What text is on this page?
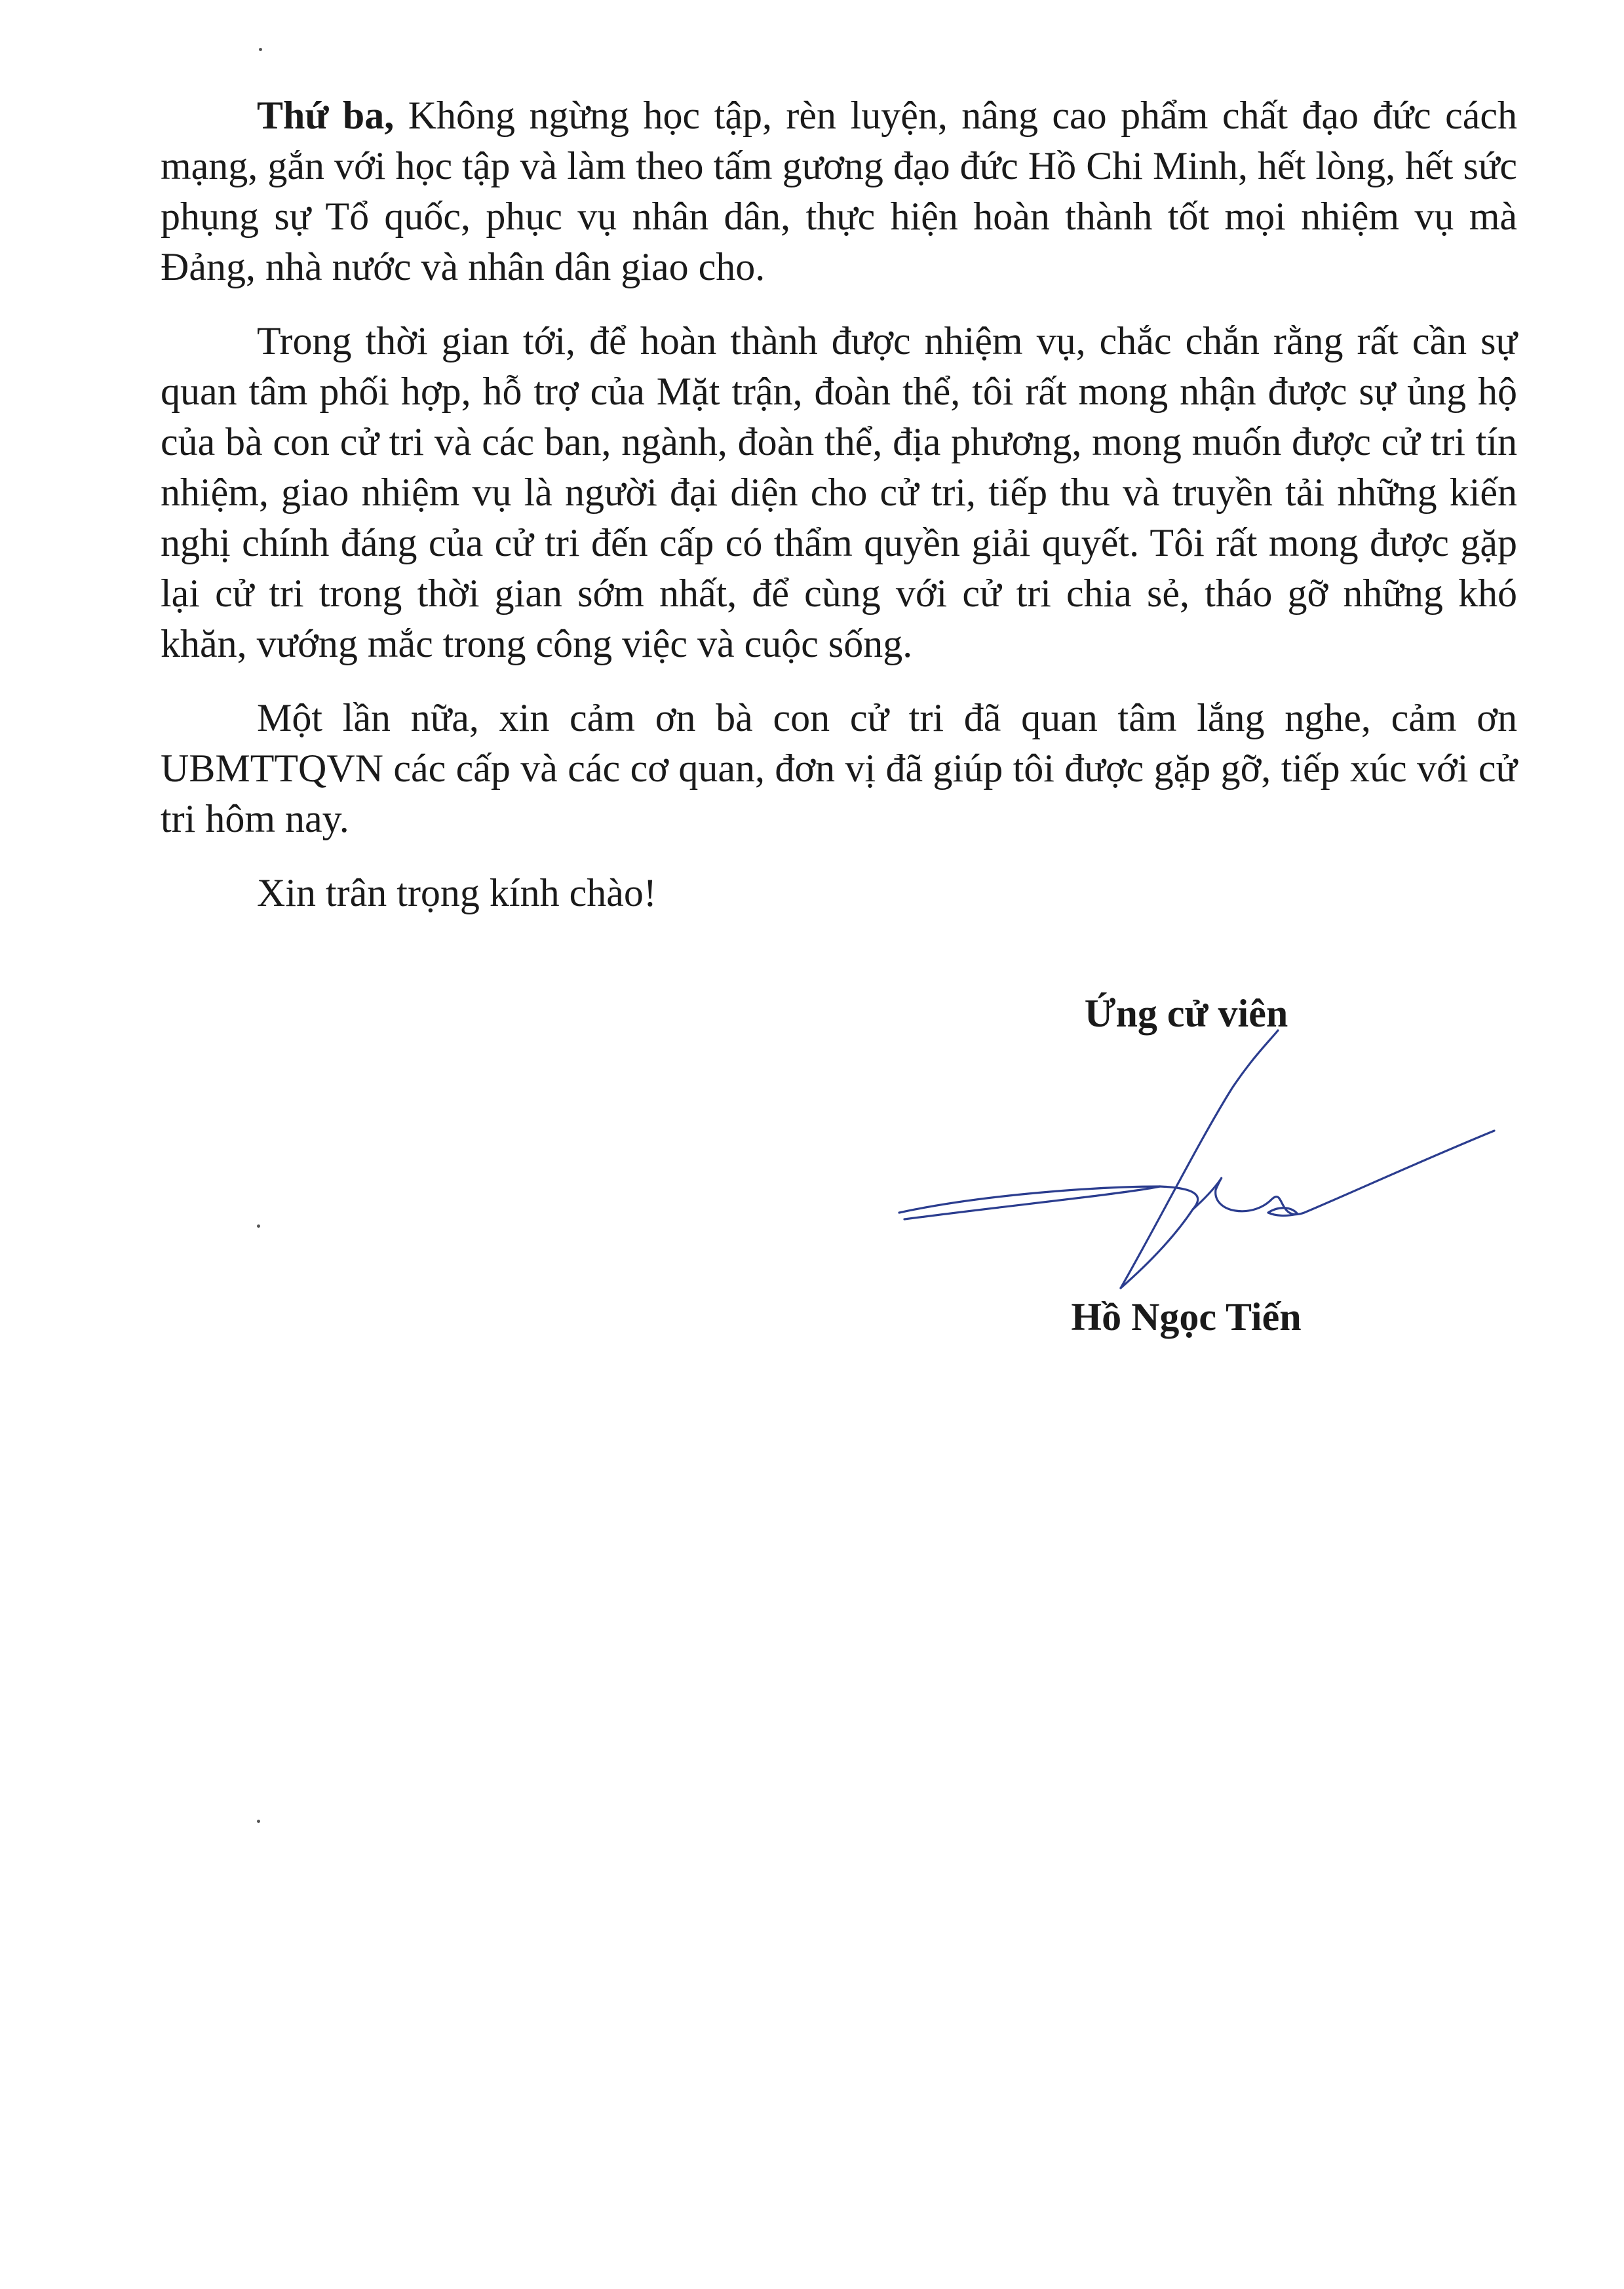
Thứ ba, Không ngừng học tập, rèn luyện, nâng cao phẩm chất đạo đức cách mạng, gắn với học tập và làm theo tấm gương đạo đức Hồ Chi Minh, hết lòng, hết sức phụng sự Tổ quốc, phục vụ nhân dân, thực hiện hoàn thành tốt mọi nhiệm vụ mà Đảng, nhà nước và nhân dân giao cho.

Trong thời gian tới, để hoàn thành được nhiệm vụ, chắc chắn rằng rất cần sự quan tâm phối hợp, hỗ trợ của Mặt trận, đoàn thể, tôi rất mong nhận được sự ủng hộ của bà con cử tri và các ban, ngành, đoàn thể, địa phương, mong muốn được cử tri tín nhiệm, giao nhiệm vụ là người đại diện cho cử tri, tiếp thu và truyền tải những kiến nghị chính đáng của cử tri đến cấp có thẩm quyền giải quyết. Tôi rất mong được gặp lại cử tri trong thời gian sớm nhất, để cùng với cử tri chia sẻ, tháo gỡ những khó khăn, vướng mắc trong công việc và cuộc sống.

Một lần nữa, xin cảm ơn bà con cử tri đã quan tâm lắng nghe, cảm ơn UBMTTQVN các cấp và các cơ quan, đơn vị đã giúp tôi được gặp gỡ, tiếp xúc với cử tri hôm nay.

Xin trân trọng kính chào!

Ứng cử viên
Hồ Ngọc Tiến
